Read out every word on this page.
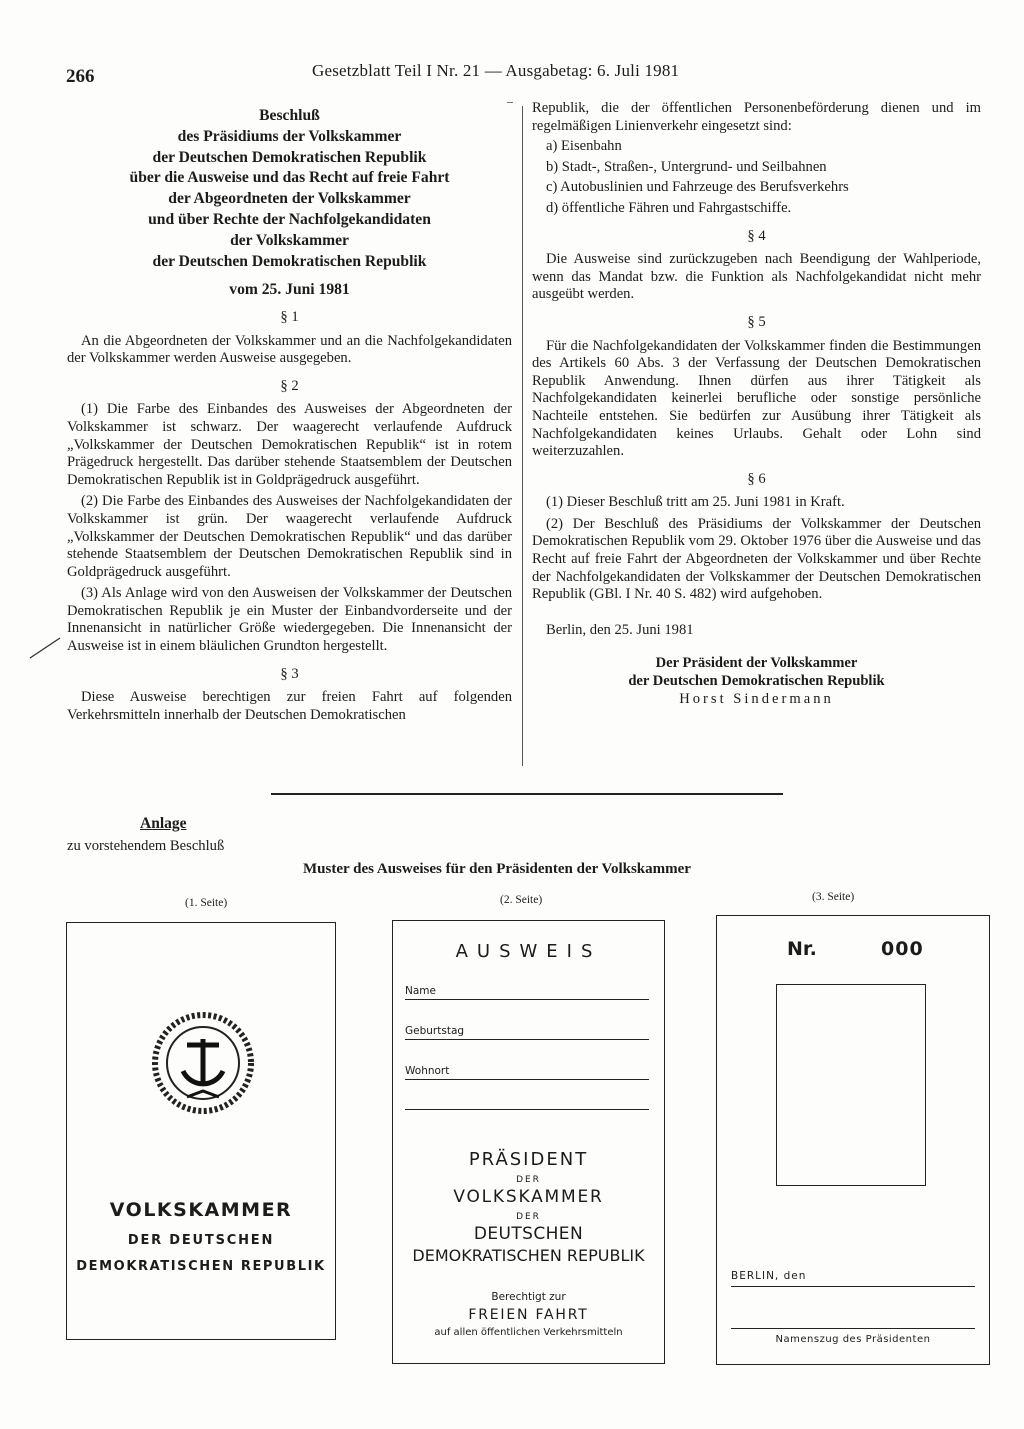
266	Gesetzblatt Teil I Nr. 21 — Ausgabetag: 6. Juli 1981
Beschluß
des Präsidiums der Volkskammer
der Deutschen Demokratischen Republik
über die Ausweise und das Recht auf freie Fahrt
der Abgeordneten der Volkskammer
und über Rechte der Nachfolgekandidaten
der Volkskammer
der Deutschen Demokratischen Republik
vom 25. Juni 1981
§ 1

An die Abgeordneten der Volkskammer und an die Nachfolgekandidaten der Volkskammer werden Ausweise ausgegeben.

§ 2

(1) Die Farbe des Einbandes des Ausweises der Abgeordneten der Volkskammer ist schwarz. Der waagerecht verlaufende Aufdruck „Volkskammer der Deutschen Demokratischen Republik“ ist in rotem Prägedruck hergestellt. Das darüber stehende Staatsemblem der Deutschen Demokratischen Republik ist in Goldprägedruck ausgeführt.

(2) Die Farbe des Einbandes des Ausweises der Nachfolgekandidaten der Volkskammer ist grün. Der waagerecht verlaufende Aufdruck „Volkskammer der Deutschen Demokratischen Republik“ und das darüber stehende Staatsemblem der Deutschen Demokratischen Republik sind in Goldprägedruck ausgeführt.

(3) Als Anlage wird von den Ausweisen der Volkskammer der Deutschen Demokratischen Republik je ein Muster der Einbandvorderseite und der Innenansicht in natürlicher Größe wiedergegeben. Die Innenansicht der Ausweise ist in einem bläulichen Grundton hergestellt.

§ 3

Diese Ausweise berechtigen zur freien Fahrt auf folgenden Verkehrsmitteln innerhalb der Deutschen Demokratischen

Republik, die der öffentlichen Personenbeförderung dienen und im regelmäßigen Linienverkehr eingesetzt sind:

a) Eisenbahn
b) Stadt-, Straßen-, Untergrund- und Seilbahnen
c) Autobuslinien und Fahrzeuge des Berufsverkehrs
d) öffentliche Fähren und Fahrgastschiffe.
§ 4

Die Ausweise sind zurückzugeben nach Beendigung der Wahlperiode, wenn das Mandat bzw. die Funktion als Nachfolgekandidat nicht mehr ausgeübt werden.

§ 5

Für die Nachfolgekandidaten der Volkskammer finden die Bestimmungen des Artikels 60 Abs. 3 der Verfassung der Deutschen Demokratischen Republik Anwendung. Ihnen dürfen aus ihrer Tätigkeit als Nachfolgekandidaten keinerlei berufliche oder sonstige persönliche Nachteile entstehen. Sie bedürfen zur Ausübung ihrer Tätigkeit als Nachfolgekandidaten keines Urlaubs. Gehalt oder Lohn sind weiterzuzahlen.

§ 6

(1) Dieser Beschluß tritt am 25. Juni 1981 in Kraft.

(2) Der Beschluß des Präsidiums der Volkskammer der Deutschen Demokratischen Republik vom 29. Oktober 1976 über die Ausweise und das Recht auf freie Fahrt der Abgeordneten der Volkskammer und über Rechte der Nachfolgekandidaten der Volkskammer der Deutschen Demokratischen Republik (GBl. I Nr. 40 S. 482) wird aufgehoben.

Berlin, den 25. Juni 1981

Der Präsident der Volkskammer
der Deutschen Demokratischen Republik
Horst Sindermann
Anlage
zu vorstehendem Beschluß
Muster des Ausweises für den Präsidenten der Volkskammer
(1. Seite)	(2. Seite)	(3. Seite)
VOLKSKAMMER
DER DEUTSCHEN
DEMOKRATISCHEN REPUBLIK
AUSWEIS
Name
Geburtstag
Wohnort
PRÄSIDENT
DER
VOLKSKAMMER
DER
DEUTSCHEN
DEMOKRATISCHEN REPUBLIK
Berechtigt zur
FREIEN FAHRT
auf allen öffentlichen Verkehrsmitteln
Nr.	000
BERLIN, den
Namenszug des Präsidenten
